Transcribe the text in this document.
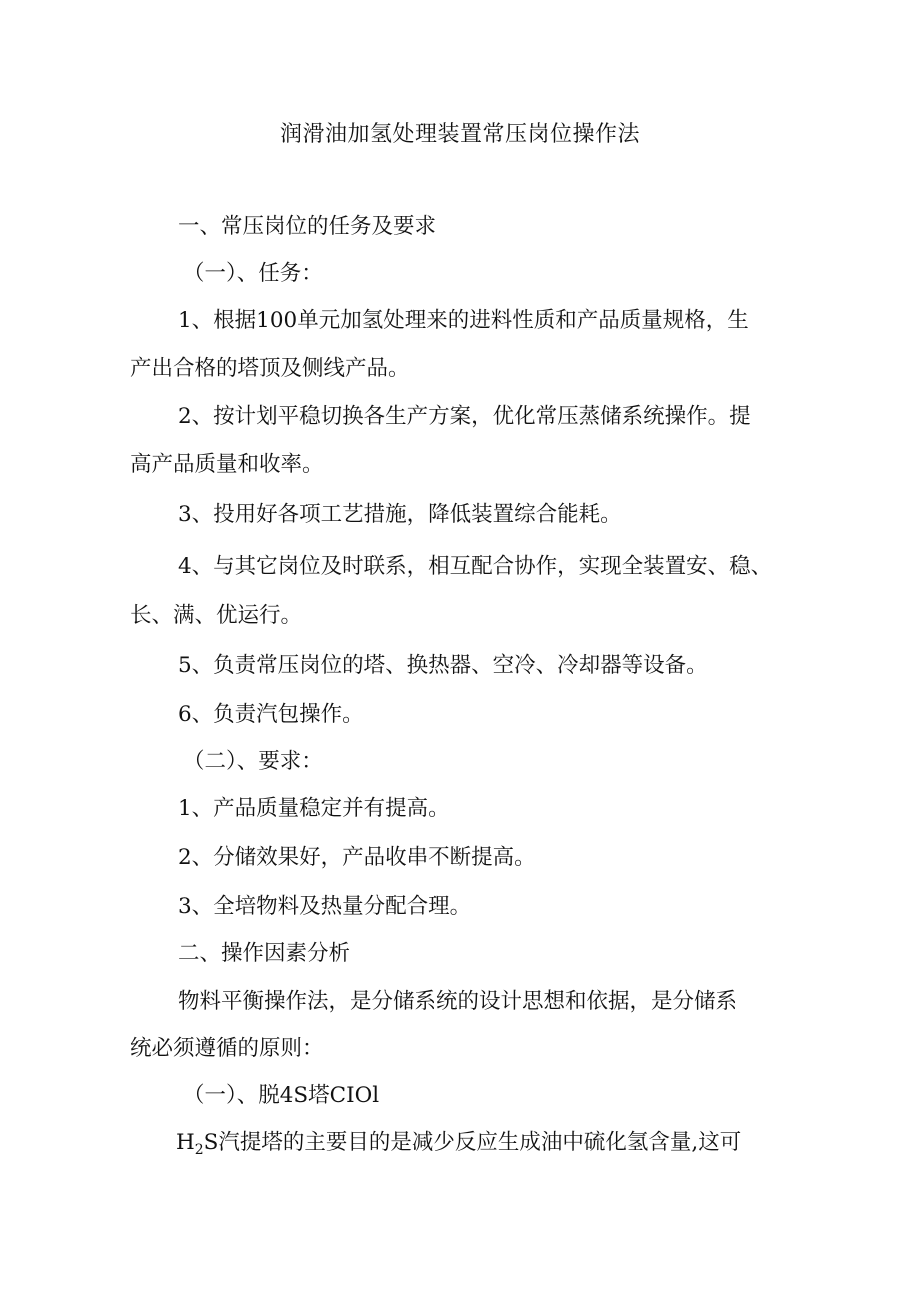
润滑油加氢处理装置常压岗位操作法
一、常压岗位的任务及要求
（一）、任务：
1、根据100单元加氢处理来的进料性质和产品质量规格，生
产出合格的塔顶及侧线产品。
2、按计划平稳切换各生产方案，优化常压蒸储系统操作。提
高产品质量和收率。
3、投用好各项工艺措施，降低装置综合能耗。
4、与其它岗位及时联系，相互配合协作，实现全装置安、稳、
长、满、优运行。
5、负责常压岗位的塔、换热器、空冷、冷却器等设备。
6、负责汽包操作。
（二）、要求：
1、产品质量稳定并有提高。
2、分储效果好，产品收串不断提高。
3、全培物料及热量分配合理。
二、操作因素分析
物料平衡操作法，是分储系统的设计思想和依据，是分储系
统必须遵循的原则：
（一）、脱4S塔CIOl
$H_2S$汽提塔的主要目的是减少反应生成油中硫化氢含量,这可
